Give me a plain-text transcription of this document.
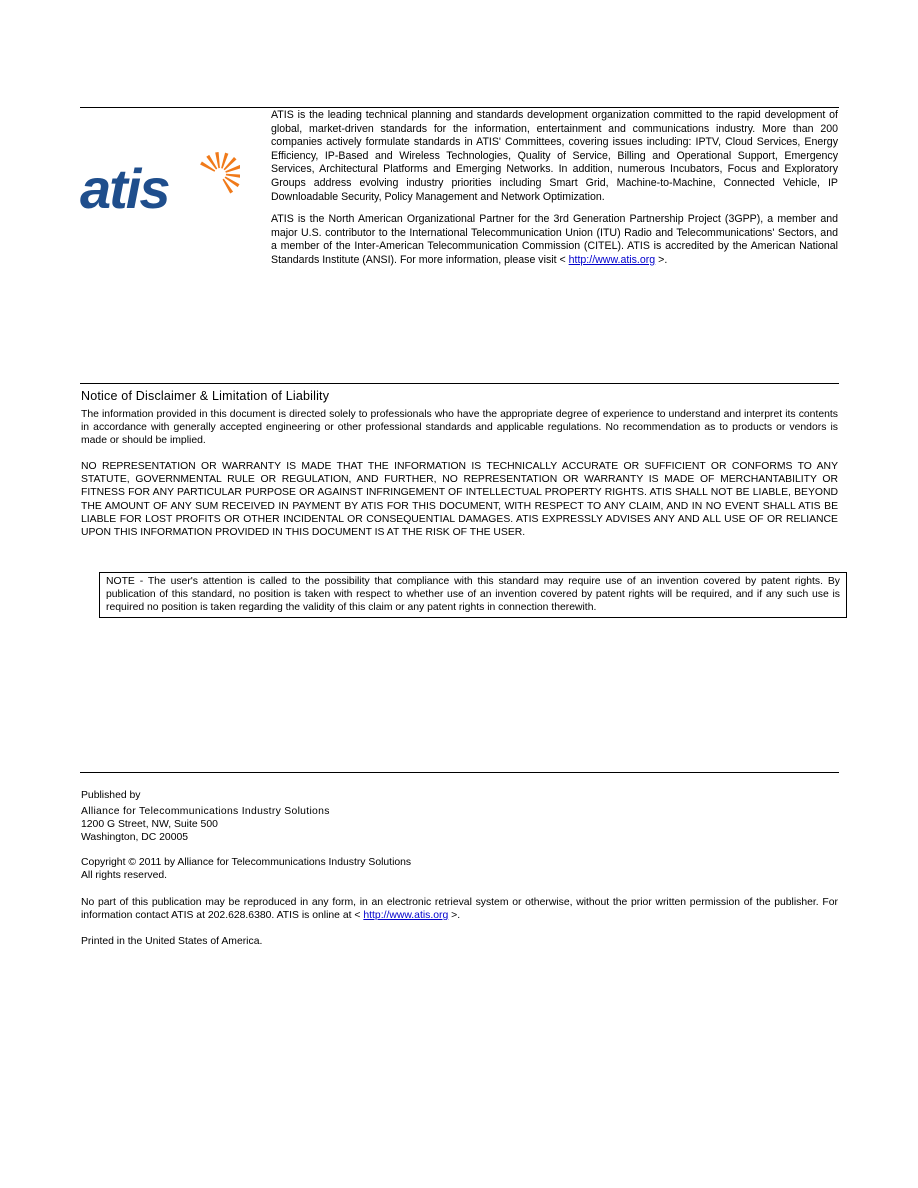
atis

ATIS is the leading technical planning and standards development organization committed to the rapid development of global, market-driven standards for the information, entertainment and communications industry. More than 200 companies actively formulate standards in ATIS' Committees, covering issues including: IPTV, Cloud Services, Energy Efficiency, IP-Based and Wireless Technologies, Quality of Service, Billing and Operational Support, Emergency Services, Architectural Platforms and Emerging Networks. In addition, numerous Incubators, Focus and Exploratory Groups address evolving industry priorities including Smart Grid, Machine-to-Machine, Connected Vehicle, IP Downloadable Security, Policy Management and Network Optimization.

ATIS is the North American Organizational Partner for the 3rd Generation Partnership Project (3GPP), a member and major U.S. contributor to the International Telecommunication Union (ITU) Radio and Telecommunications' Sectors, and a member of the Inter-American Telecommunication Commission (CITEL). ATIS is accredited by the American National Standards Institute (ANSI). For more information, please visit < http://www.atis.org >.

Notice of Disclaimer & Limitation of Liability

The information provided in this document is directed solely to professionals who have the appropriate degree of experience to understand and interpret its contents in accordance with generally accepted engineering or other professional standards and applicable regulations. No recommendation as to products or vendors is made or should be implied.

NO REPRESENTATION OR WARRANTY IS MADE THAT THE INFORMATION IS TECHNICALLY ACCURATE OR SUFFICIENT OR CONFORMS TO ANY STATUTE, GOVERNMENTAL RULE OR REGULATION, AND FURTHER, NO REPRESENTATION OR WARRANTY IS MADE OF MERCHANTABILITY OR FITNESS FOR ANY PARTICULAR PURPOSE OR AGAINST INFRINGEMENT OF INTELLECTUAL PROPERTY RIGHTS. ATIS SHALL NOT BE LIABLE, BEYOND THE AMOUNT OF ANY SUM RECEIVED IN PAYMENT BY ATIS FOR THIS DOCUMENT, WITH RESPECT TO ANY CLAIM, AND IN NO EVENT SHALL ATIS BE LIABLE FOR LOST PROFITS OR OTHER INCIDENTAL OR CONSEQUENTIAL DAMAGES. ATIS EXPRESSLY ADVISES ANY AND ALL USE OF OR RELIANCE UPON THIS INFORMATION PROVIDED IN THIS DOCUMENT IS AT THE RISK OF THE USER.

NOTE - The user's attention is called to the possibility that compliance with this standard may require use of an invention covered by patent rights. By publication of this standard, no position is taken with respect to whether use of an invention covered by patent rights will be required, and if any such use is required no position is taken regarding the validity of this claim or any patent rights in connection therewith.

Published by

Alliance for Telecommunications Industry Solutions
1200 G Street, NW, Suite 500
Washington, DC 20005

Copyright © 2011 by Alliance for Telecommunications Industry Solutions
All rights reserved.

No part of this publication may be reproduced in any form, in an electronic retrieval system or otherwise, without the prior written permission of the publisher. For information contact ATIS at 202.628.6380. ATIS is online at < http://www.atis.org >.

Printed in the United States of America.
